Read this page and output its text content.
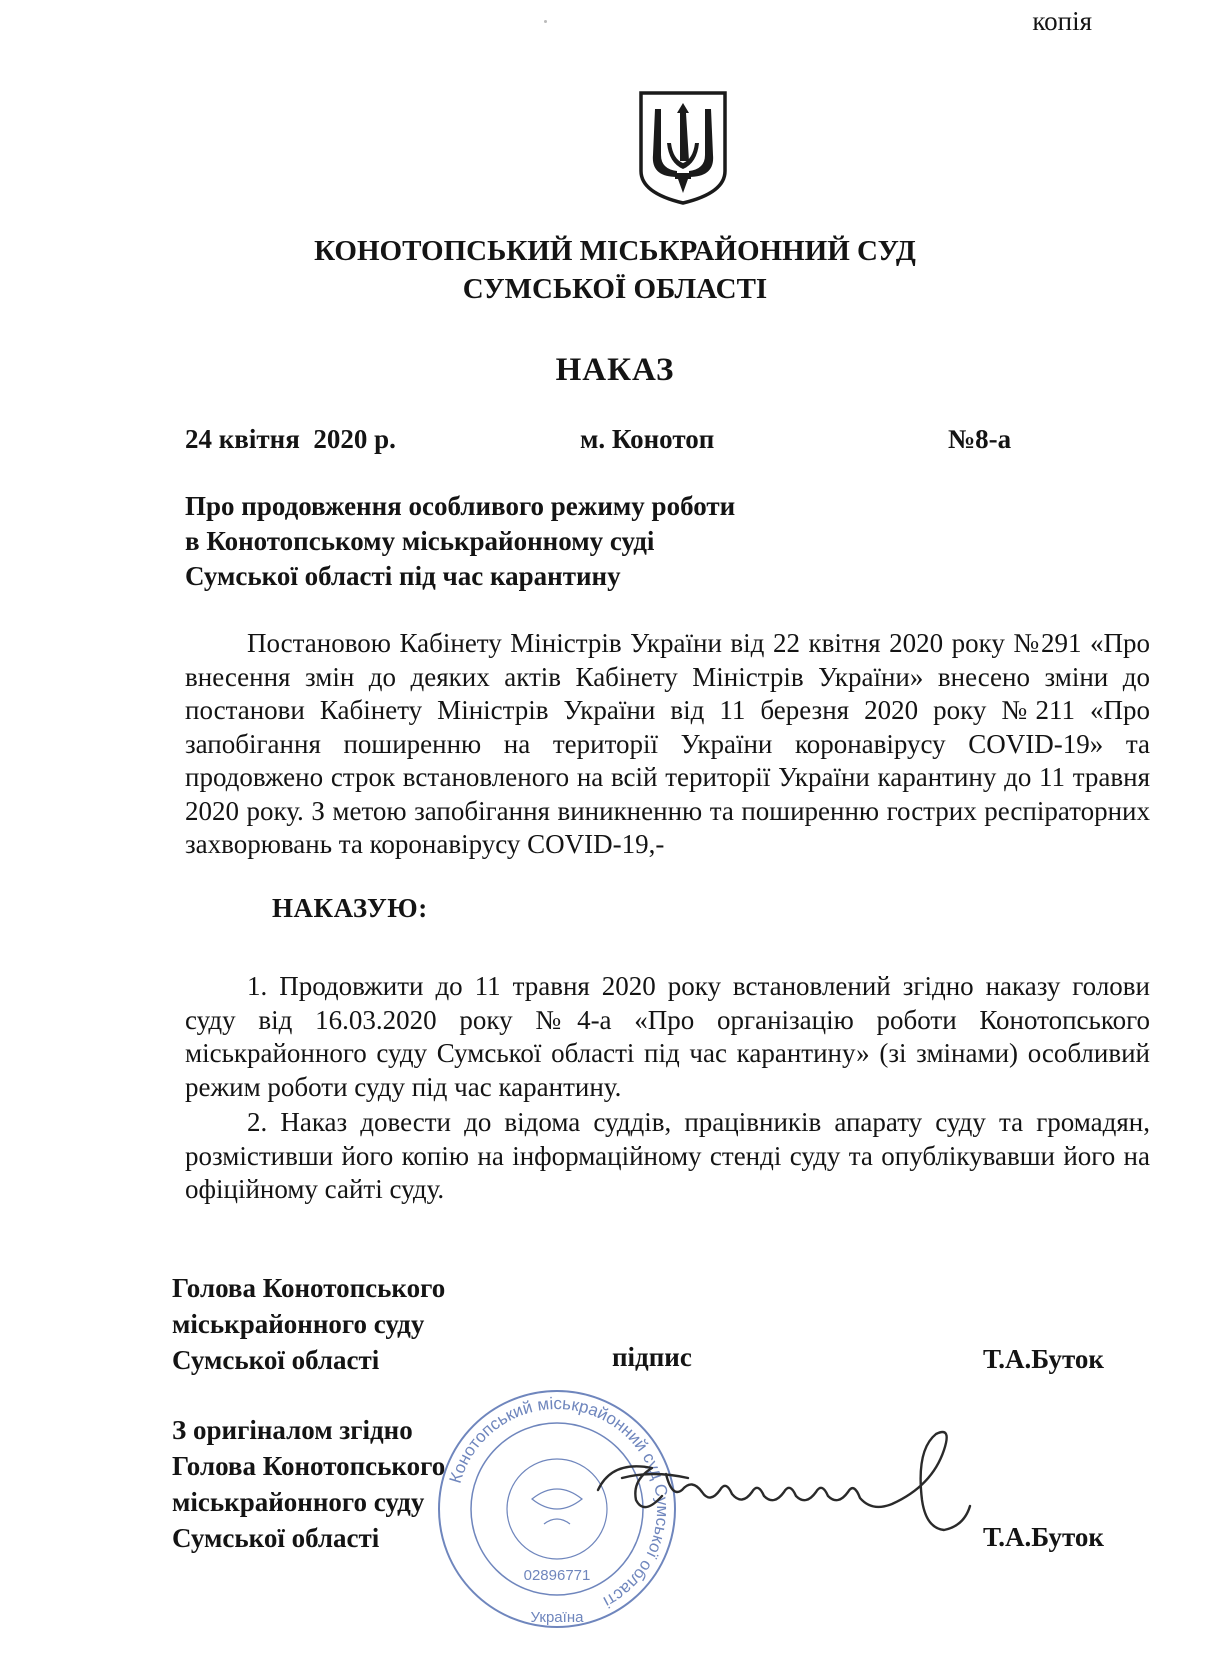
копія
КОНОТОПСЬКИЙ МІСЬКРАЙОННИЙ СУД
СУМСЬКОЇ ОБЛАСТІ
НАКАЗ
24 квітня  2020 р.	м. Конотоп	№8-а
Про продовження особливого режиму роботи
в Конотопському міськрайонному суді
Сумської області під час карантину
Постановою Кабінету Міністрів України від 22 квітня 2020 року №291 «Про внесення змін до деяких актів Кабінету Міністрів України» внесено зміни до постанови Кабінету Міністрів України від 11 березня 2020 року №211 «Про запобігання поширенню на території України коронавірусу COVID-19» та продовжено строк встановленого на всій території України карантину до 11 травня 2020 року. З метою запобігання виникненню та поширенню гострих респіраторних захворювань та коронавірусу COVID-19,-
НАКАЗУЮ:
1. Продовжити до 11 травня 2020 року встановлений згідно наказу голови суду від 16.03.2020 року №4-а «Про організацію роботи Конотопського міськрайонного суду Сумської області під час карантину» (зі змінами) особливий режим роботи суду під час карантину.
2. Наказ довести до відома суддів, працівників апарату суду та громадян, розмістивши його копію на інформаційному стенді суду та опублікувавши його на офіційному сайті суду.
Голова Конотопського
міськрайонного суду
Сумської області	підпис	Т.А.Буток
Конотопський міськрайонний суд Сумської області
Україна
02896771
З оригіналом згідно
Голова Конотопського
міськрайонного суду
Сумської області	Т.А.Буток
